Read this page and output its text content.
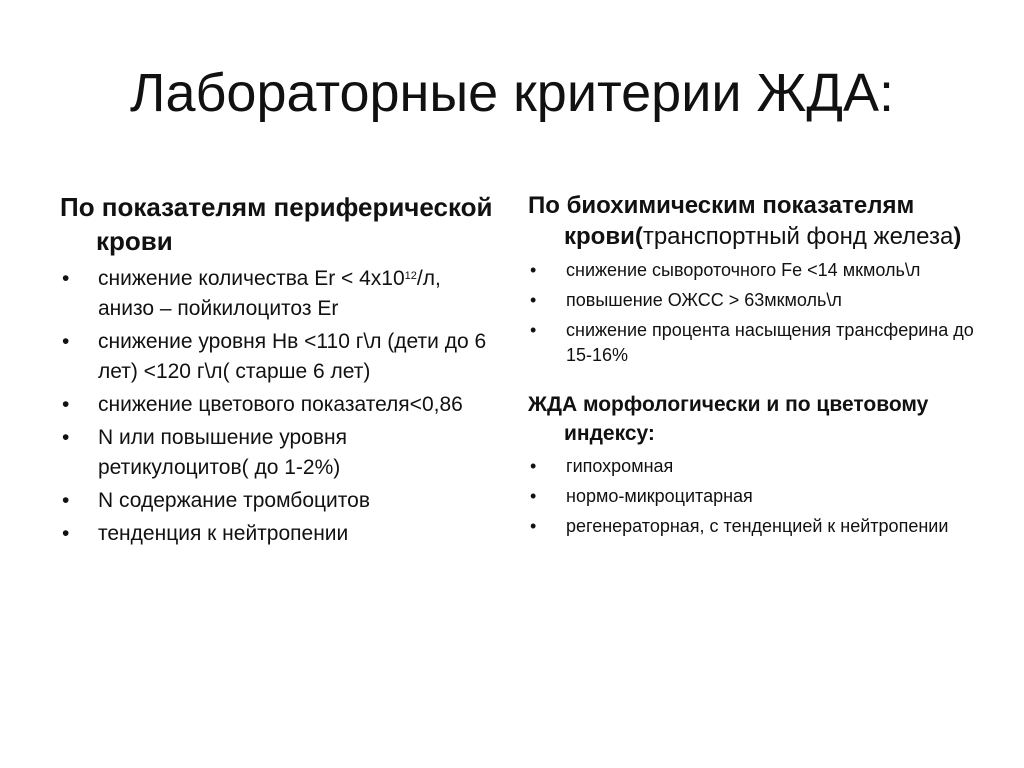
Лабораторные критерии ЖДА:

По показателям периферической крови

• снижение количества $Er < 4x10^{12}/л$, анизо – пойкилоцитоз Er
• снижение уровня Нв <110 г\л (дети до 6 лет) <120 г\л( старше 6 лет)
• снижение цветового показателя<0,86
• N или повышение уровня ретикулоцитов( до 1-2%)
• N содержание тромбоцитов
• тенденция к нейтропении

По биохимическим показателям крови(транспортный фонд железа)

• снижение сывороточного Fe <14 мкмоль\л
• повышение ОЖСС > 63мкмоль\л
• снижение процента насыщения трансферина до 15-16%

ЖДА морфологически и по цветовому индексу:

• гипохромная
• нормо-микроцитарная
• регенераторная, с тенденцией к нейтропении
